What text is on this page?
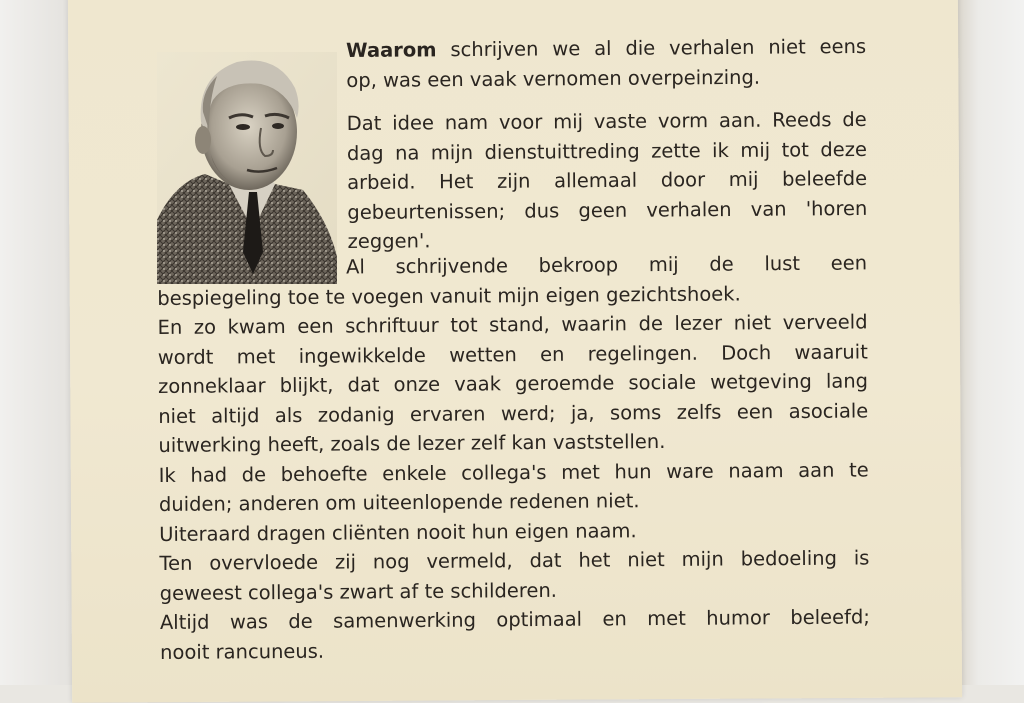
Waarom schrijven we al die verhalen niet eens
op, was een vaak vernomen overpeinzing.
Dat idee nam voor mij vaste vorm aan. Reeds de
dag na mijn dienstuittreding zette ik mij tot deze
arbeid. Het zijn allemaal door mij beleefde
gebeurtenissen; dus geen verhalen van 'horen
zeggen'.
Al schrijvende bekroop mij de lust een
bespiegeling toe te voegen vanuit mijn eigen gezichtshoek.
En zo kwam een schriftuur tot stand, waarin de lezer niet verveeld
wordt met ingewikkelde wetten en regelingen. Doch waaruit
zonneklaar blijkt, dat onze vaak geroemde sociale wetgeving lang
niet altijd als zodanig ervaren werd; ja, soms zelfs een asociale
uitwerking heeft, zoals de lezer zelf kan vaststellen.
Ik had de behoefte enkele collega's met hun ware naam aan te
duiden; anderen om uiteenlopende redenen niet.
Uiteraard dragen cliënten nooit hun eigen naam.
Ten overvloede zij nog vermeld, dat het niet mijn bedoeling is
geweest collega's zwart af te schilderen.
Altijd was de samenwerking optimaal en met humor beleefd;
nooit rancuneus.
